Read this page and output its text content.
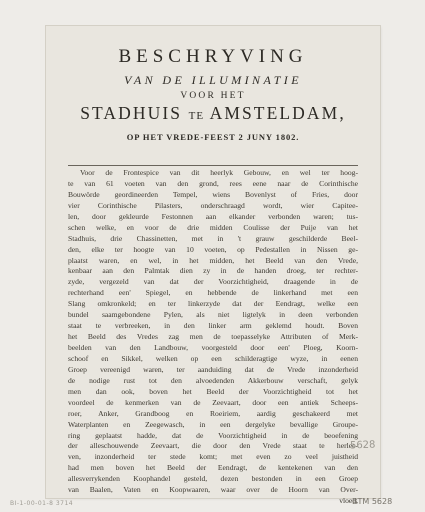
BESCHRYVING
VAN DE ILLUMINATIE
VOOR HET
STADHUIS TE AMSTELDAM,
OP HET VREDE-FEEST 2 JUNY 1802.
Voor de Frontespice van dit heerlyk Gebouw, en wel ter hoog-
te van 61 voeten van den grond, rees eene naar de Corinthische
Bouwörde geordineerden Tempel, wiens Bovenlyst of Fries, door
vier Corinthische Pilasters, onderschraagd wordt, wier Capitee-
len, door gekleurde Festonnen aan elkander verbonden waren; tus-
schen welke, en voor de drie midden Coulisse der Puije van het
Stadhuis, drie Chassinetten, met in 't grauw geschilderde Beel-
den, elke ter hoogte van 10 voeten, op Pedestallen in Nissen ge-
plaatst waren, en wel, in het midden, het Beeld van den Vrede,
kenbaar aan den Palmtak dien zy in de handen droeg, ter rechter-
zyde, vergezeld van dat der Voorzichtigheid, draagende in de
rechterhand een' Spiegel, en hebbende de linkerhand met een
Slang omkronkeld; en ter linkerzyde dat der Eendragt, welke een
bundel saamgebondene Pylen, als niet ligtelyk in deen verbonden
staat te verbreeken, in den linker arm geklemd houdt. Boven
het Beeld des Vredes zag men de toepasselyke Attributen of Merk-
beelden van den Landbouw, voorgesteld door een' Ploeg, Koorn-
schoof en Sikkel, welken op een schilderagtige wyze, in eenen
Groep vereenigd waren, ter aanduiding dat de Vrede inzonderheid
de nodige rust tot den alvoedenden Akkerbouw verschaft, gelyk
men dan ook, boven het Beeld der Voorzichtigheid tot het
voordeel de kenmerken van de Zeevaart, door een antiek Scheeps-
roer, Anker, Grandboog en Roeiriem, aardig geschakeerd met
Waterplanten en Zeegewasch, in een dergelyke bevallige Groupe-
ring geplaatst hadde, dat de Voorzichtigheid in de beoefening
der alleschouwende Zeevaart, die door den Vrede staat te herlee-
ven, inzonderheid ter stede komt; met even zo veel juistheid
had men boven het Beeld der Eendragt, de kentekenen van den
allesverrykenden Koophandel gesteld, dezen bestonden in een Groep
van Baalen, Vaten en Koopwaaren, waar over de Hoorn van Over-
vloed,
5628
BTM 5628
BI-1-00-01-8 3714
